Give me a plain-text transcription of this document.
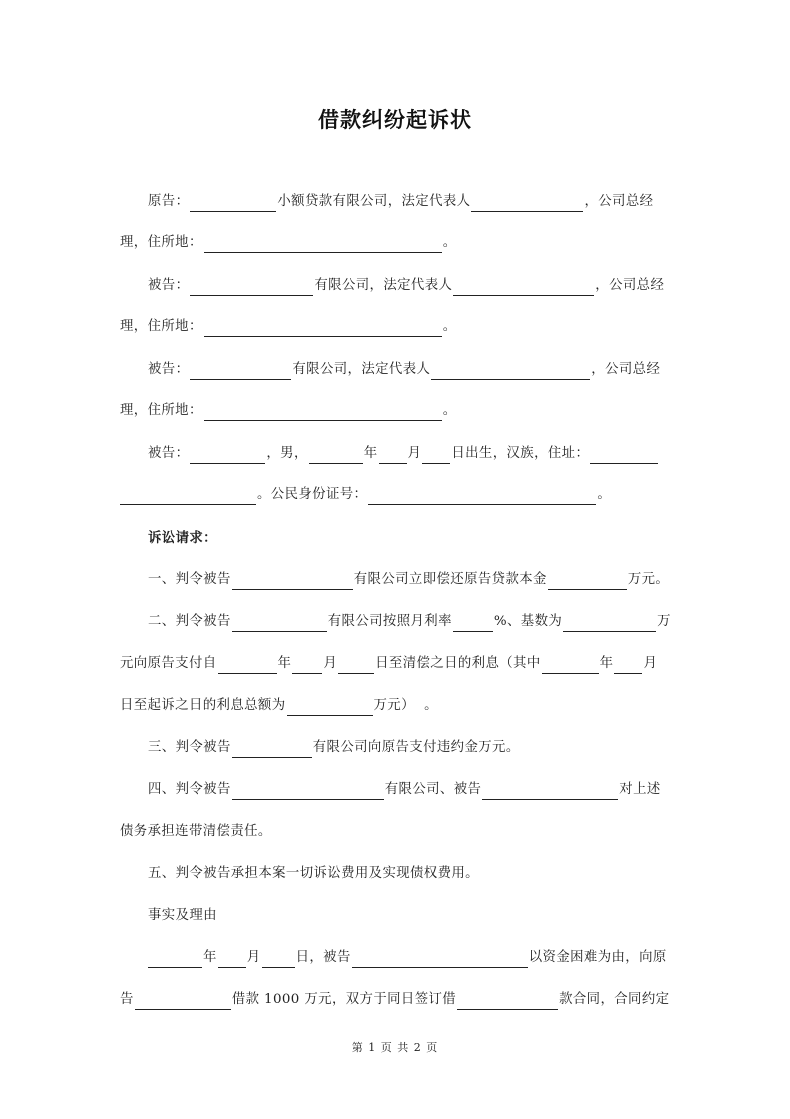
借款纠纷起诉状
原告：	小额贷款有限公司，法定代表人	，公司总经
理，住所地：	。
被告：	有限公司，法定代表人	，公司总经
理，住所地：	。
被告：	有限公司，法定代表人	，公司总经
理，住所地：	。
被告：	，男，	年 月 日出生，汉族，住址：
。公民身份证号：	。
诉讼请求：
一、判令被告	有限公司立即偿还原告贷款本金	万元。
二、判令被告	有限公司按照月利率	%、基数为	万
元向原告支付自	年 月	日至清偿之日的利息（其中	年 月
日至起诉之日的利息总额为	万元）  。
三、判令被告	有限公司向原告支付违约金万元。
四、判令被告	有限公司、被告	对上述
债务承担连带清偿责任。
五、判令被告承担本案一切诉讼费用及实现债权费用。
事实及理由
年 月	日，被告	以资金困难为由，向原
告	借款 1000 万元，双方于同日签订借	款合同，合同约定
第 1 页 共 2 页
